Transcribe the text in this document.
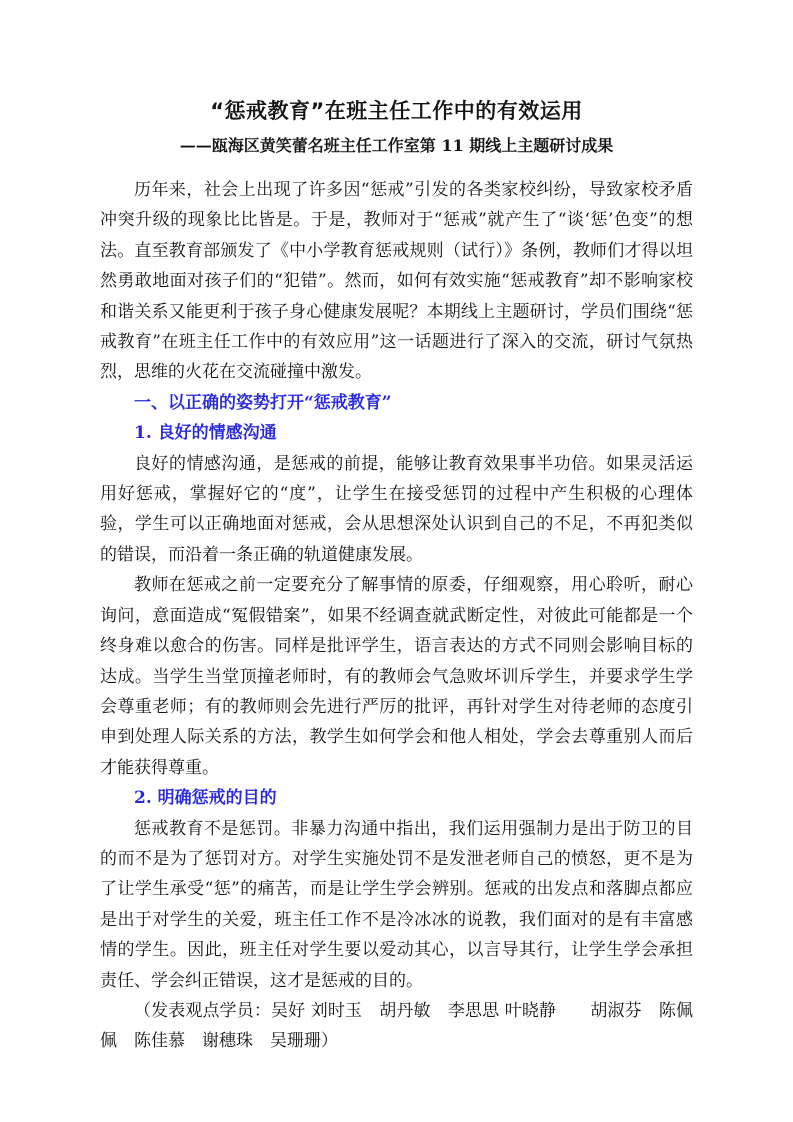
“惩戒教育”在班主任工作中的有效运用
——瓯海区黄笑蕾名班主任工作室第 11 期线上主题研讨成果

历年来，社会上出现了许多因“惩戒”引发的各类家校纠纷，导致家校矛盾冲突升级的现象比比皆是。于是，教师对于“惩戒”就产生了“谈‘惩’色变”的想法。直至教育部颁发了《中小学教育惩戒规则（试行）》条例，教师们才得以坦然勇敢地面对孩子们的“犯错”。然而，如何有效实施“惩戒教育”却不影响家校和谐关系又能更利于孩子身心健康发展呢？本期线上主题研讨，学员们围绕“惩戒教育”在班主任工作中的有效应用”这一话题进行了深入的交流，研讨气氛热烈，思维的火花在交流碰撞中激发。

一、以正确的姿势打开“惩戒教育”
1. 良好的情感沟通

良好的情感沟通，是惩戒的前提，能够让教育效果事半功倍。如果灵活运用好惩戒，掌握好它的“度”，让学生在接受惩罚的过程中产生积极的心理体验，学生可以正确地面对惩戒，会从思想深处认识到自己的不足，不再犯类似的错误，而沿着一条正确的轨道健康发展。

教师在惩戒之前一定要充分了解事情的原委，仔细观察，用心聆听，耐心询问，意面造成“冤假错案”，如果不经调查就武断定性，对彼此可能都是一个终身难以愈合的伤害。同样是批评学生，语言表达的方式不同则会影响目标的达成。当学生当堂顶撞老师时，有的教师会气急败坏训斥学生，并要求学生学会尊重老师；有的教师则会先进行严厉的批评，再针对学生对待老师的态度引申到处理人际关系的方法，教学生如何学会和他人相处，学会去尊重别人而后才能获得尊重。

2. 明确惩戒的目的

惩戒教育不是惩罚。非暴力沟通中指出，我们运用强制力是出于防卫的目的而不是为了惩罚对方。对学生实施处罚不是发泄老师自己的愤怒，更不是为了让学生承受“惩”的痛苦，而是让学生学会辨别。惩戒的出发点和落脚点都应是出于对学生的关爱，班主任工作不是冷冰冰的说教，我们面对的是有丰富感情的学生。因此，班主任对学生要以爱动其心，以言导其行，让学生学会承担责任、学会纠正错误，这才是惩戒的目的。

（发表观点学员：吴好 刘时玉　胡丹敏　李思思 叶晓静　　胡淑芬　陈佩佩　陈佳慕　谢穗珠　吴珊珊）
